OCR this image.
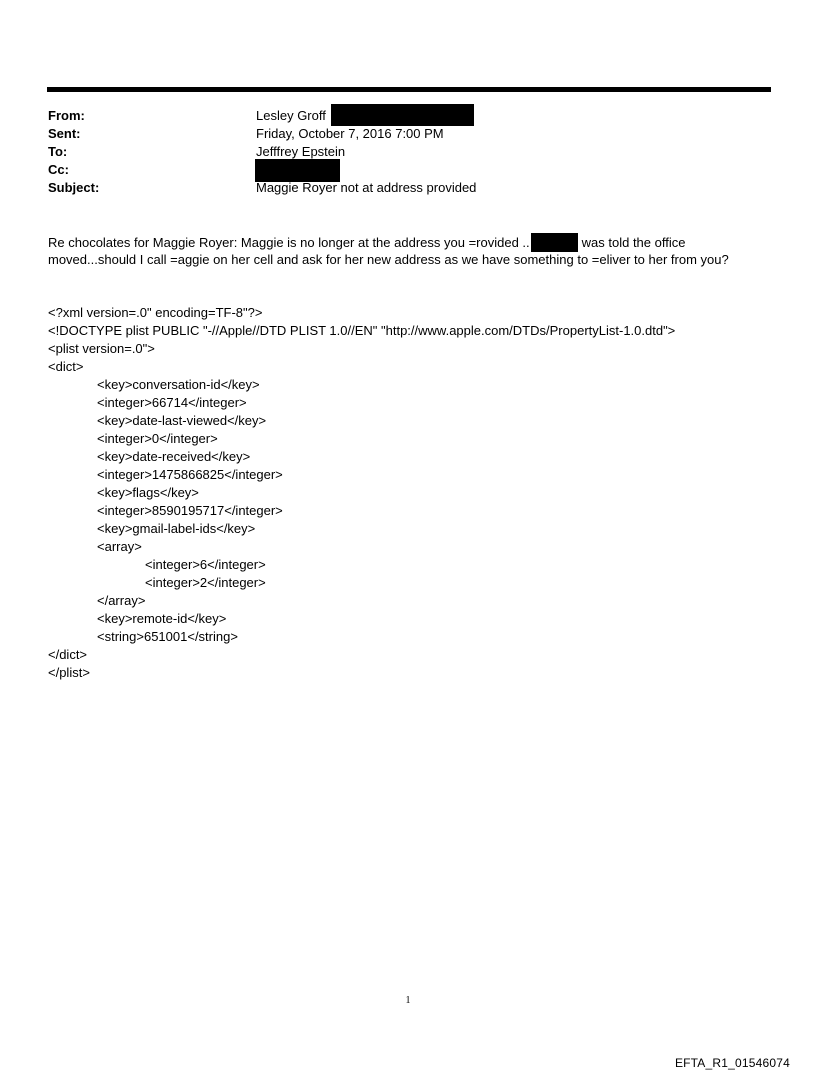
From:	Lesley Groff
Sent:	Friday, October 7, 2016 7:00 PM
To:	Jefffrey Epstein
Cc:
Subject:	Maggie Royer not at address provided
Re chocolates for Maggie Royer: Maggie is no longer at the address you =rovided ..	was told the office
moved...should I call =aggie on her cell and ask for her new address as we have something to =eliver to her from you?
<?xml version=.0" encoding=TF-8"?>
<!DOCTYPE plist PUBLIC "-//Apple//DTD PLIST 1.0//EN" "http://www.apple.com/DTDs/PropertyList-1.0.dtd">
<plist version=.0">
<dict>
<key>conversation-id</key>
<integer>66714</integer>
<key>date-last-viewed</key>
<integer>0</integer>
<key>date-received</key>
<integer>1475866825</integer>
<key>flags</key>
<integer>8590195717</integer>
<key>gmail-label-ids</key>
<array>
<integer>6</integer>
<integer>2</integer>
</array>
<key>remote-id</key>
<string>651001</string>
</dict>
</plist>
1
EFTA_R1_01546074
